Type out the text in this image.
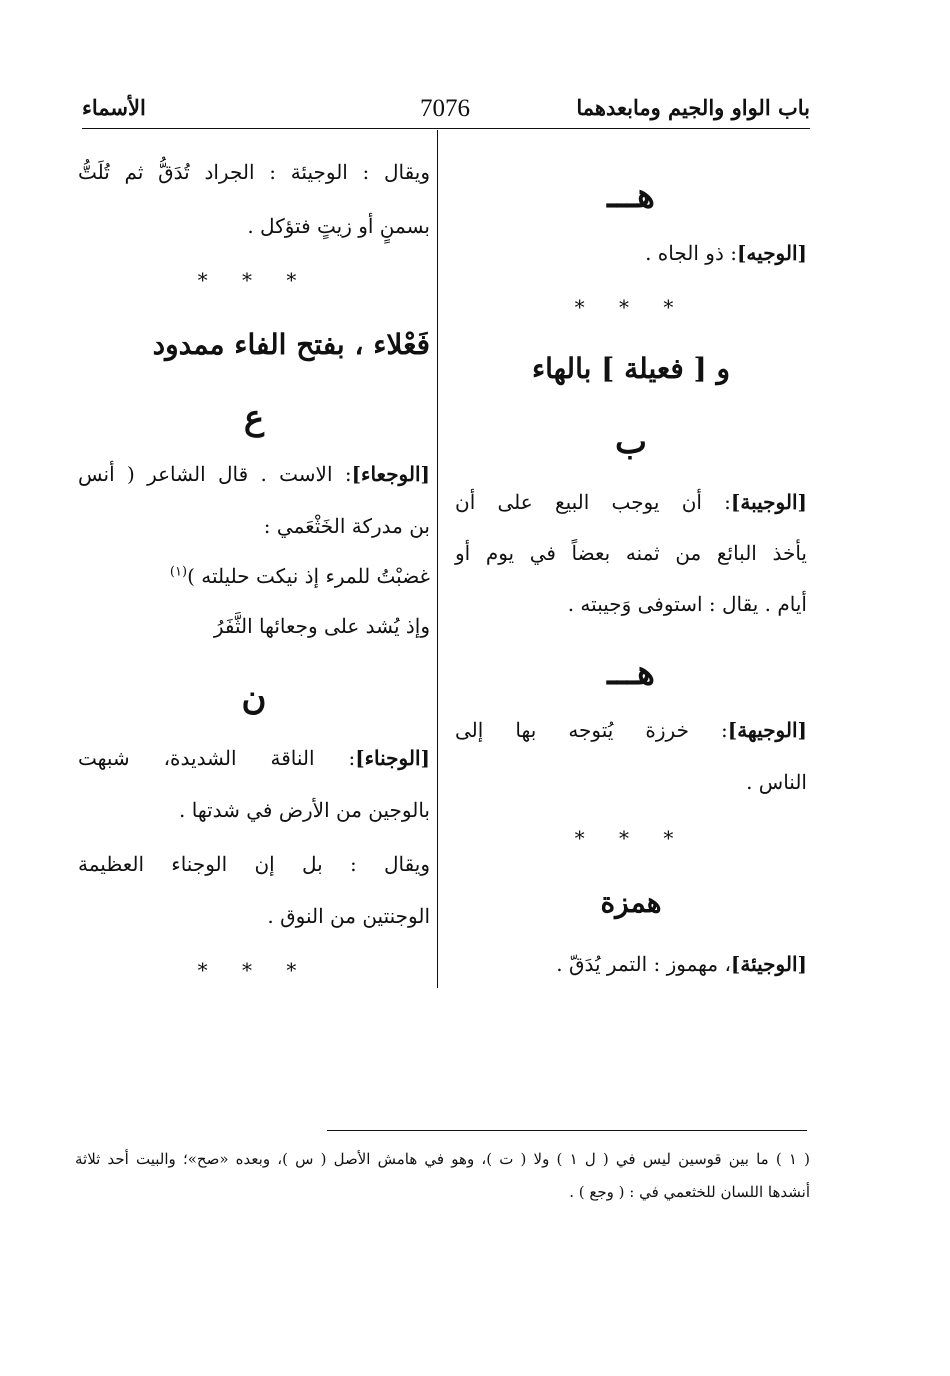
باب الواو والجيم ومابعدهما
7076
الأسماء
هـــ
[الوجيه]: ذو الجاه .
* * *
و [ فعيلة ] بالهاء
ب
[الوجيبة]: أن يوجب البيع على أن
يأخذ البائع من ثمنه بعضاً في يوم أو
أيام . يقال : استوفى وَجيبته .
هـــ
[الوجيهة]: خرزة يُتوجه بها إلى
الناس .
* * *
همزة
[الوجيئة]، مهموز : التمر يُدَقّ .
ويقال : الوجيئة : الجراد تُدَقُّ ثم تُلَتُّ
بسمنٍ أو زيتٍ فتؤكل .
* * *
فَعْلاء ، بفتح الفاء ممدود
ع
[الوجعاء]: الاست . قال الشاعر ( أنس
بن مدركة الخَثْعَمي :
غضبْتُ للمرء إذ نيكت حليلته )$^{(١)}$
وإذ يُشد على وجعائها الثَّفَرُ
ن
[الوجناء]: الناقة الشديدة، شبهت
بالوجين من الأرض في شدتها .
ويقال : بل إن الوجناء العظيمة
الوجنتين من النوق .
* * *
( ١ ) ما بين قوسين ليس في ( ل ١ ) ولا ( ت )، وهو في هامش الأصل ( س )، وبعده «صح»؛ والبيت أحد ثلاثة
أنشدها اللسان للخثعمي في : ( وجع ) .
